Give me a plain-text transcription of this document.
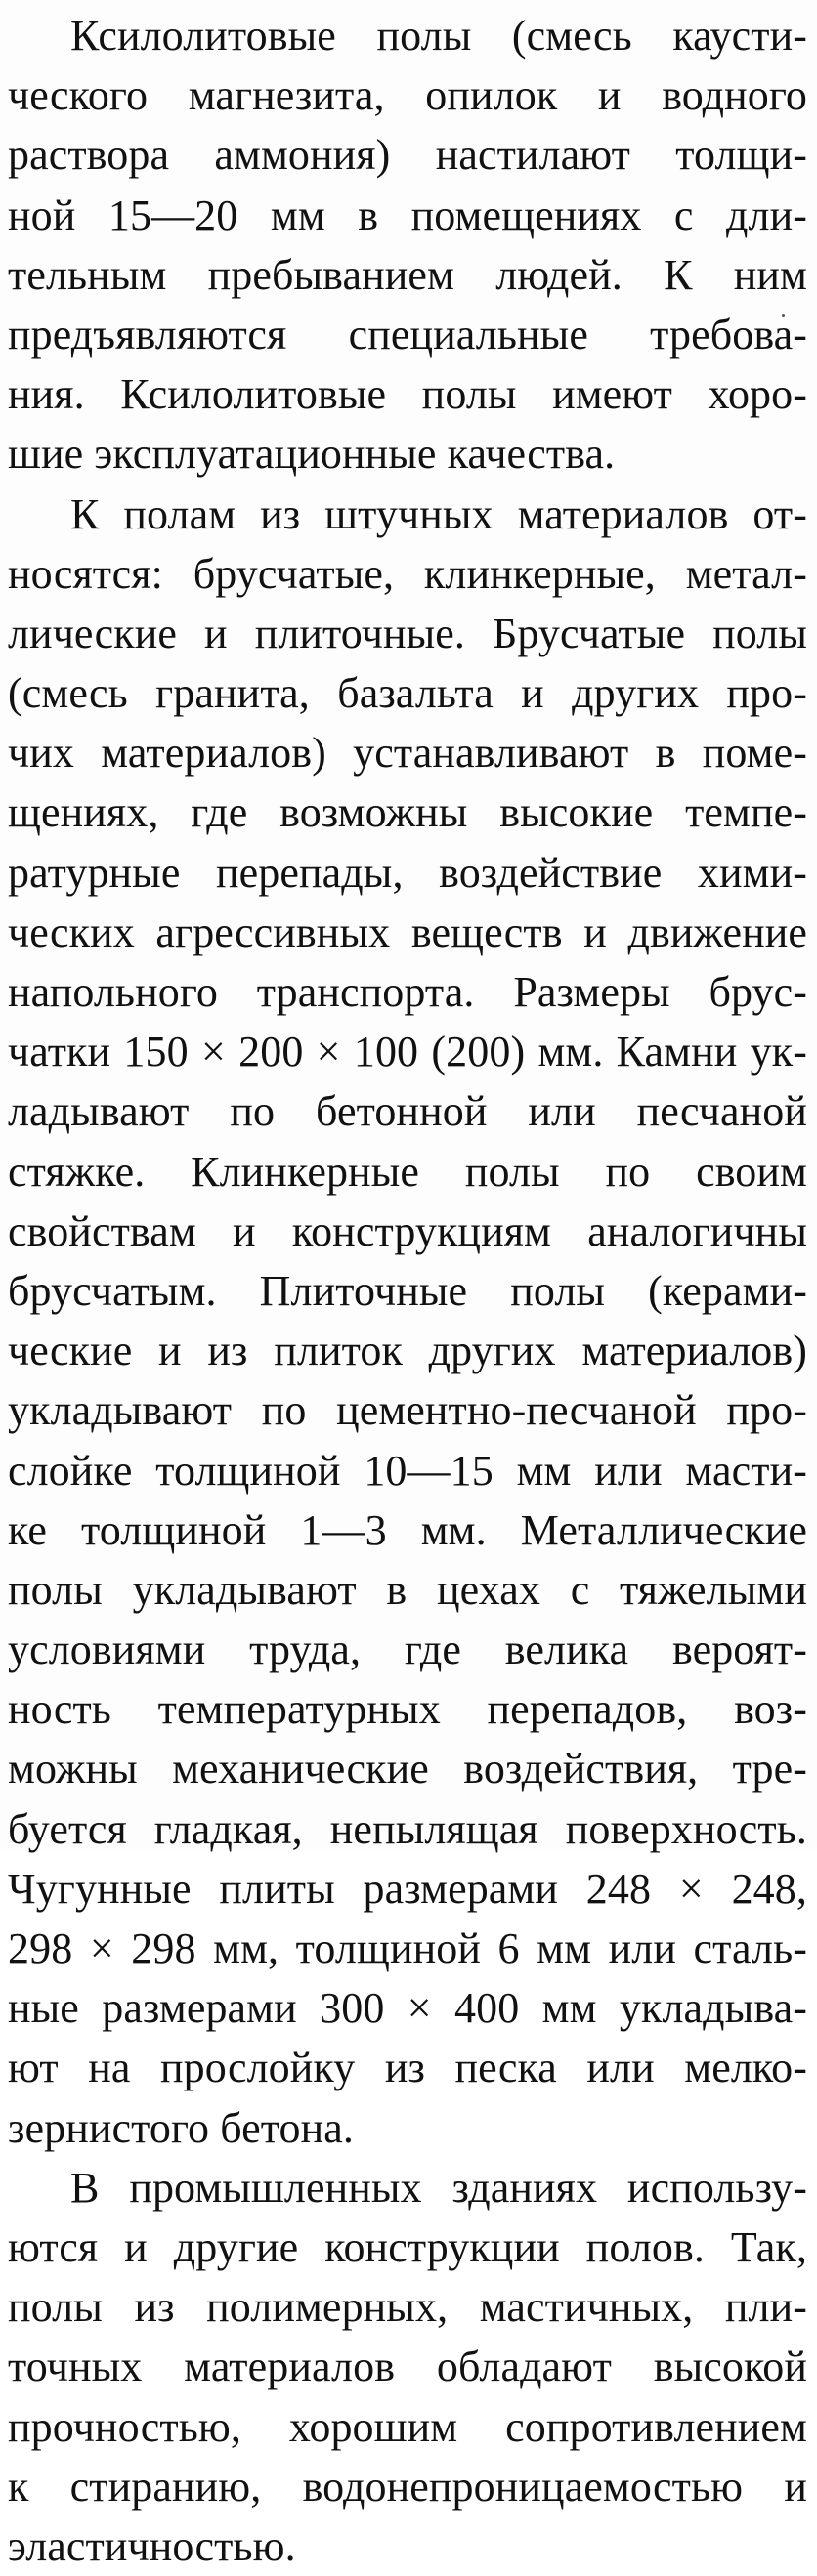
Ксилолитовые полы (смесь каусти-
ческого магнезита, опилок и водного
раствора аммония) настилают толщи-
ной 15—20 мм в помещениях с дли-
тельным пребыванием людей. К ним
предъявляются специальные требова-
ния. Ксилолитовые полы имеют хоро-
шие эксплуатационные качества.
К полам из штучных материалов от-
носятся: брусчатые, клинкерные, метал-
лические и плиточные. Брусчатые полы
(смесь гранита, базальта и других про-
чих материалов) устанавливают в поме-
щениях, где возможны высокие темпе-
ратурные перепады, воздействие хими-
ческих агрессивных веществ и движение
напольного транспорта. Размеры брус-
чатки 150 × 200 × 100 (200) мм. Камни ук-
ладывают по бетонной или песчаной
стяжке. Клинкерные полы по своим
свойствам и конструкциям аналогичны
брусчатым. Плиточные полы (керами-
ческие и из плиток других материалов)
укладывают по цементно-песчаной про-
слойке толщиной 10—15 мм или масти-
ке толщиной 1—3 мм. Металлические
полы укладывают в цехах с тяжелыми
условиями труда, где велика вероят-
ность температурных перепадов, воз-
можны механические воздействия, тре-
буется гладкая, непылящая поверхность.
Чугунные плиты размерами 248 × 248,
298 × 298 мм, толщиной 6 мм или сталь-
ные размерами 300 × 400 мм укладыва-
ют на прослойку из песка или мелко-
зернистого бетона.
В промышленных зданиях использу-
ются и другие конструкции полов. Так,
полы из полимерных, мастичных, пли-
точных материалов обладают высокой
прочностью, хорошим сопротивлением
к стиранию, водонепроницаемостью и
эластичностью.
